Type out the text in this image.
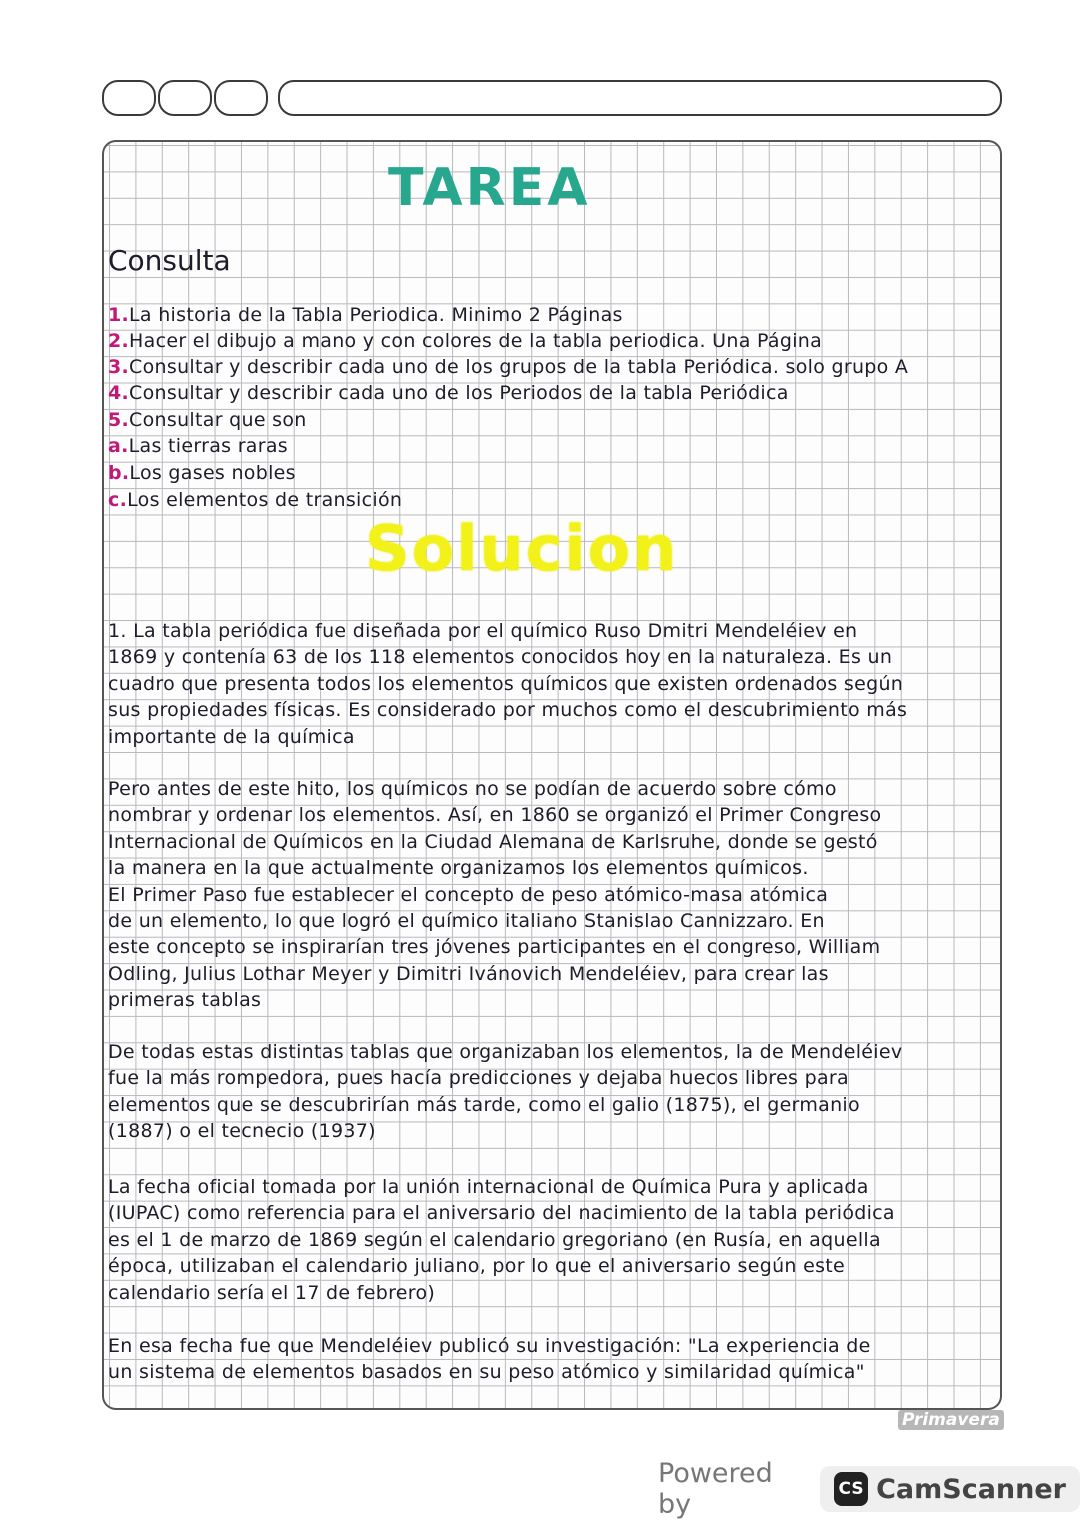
TAREA
Consulta
1.La historia de la Tabla Periodica. Minimo 2 Páginas
2.Hacer el dibujo a mano y con colores de la tabla periodica. Una Página
3.Consultar y describir cada uno de los grupos de la tabla Periódica. solo grupo A
4.Consultar y describir cada uno de los Periodos de la tabla Periódica
5.Consultar que son
a.Las tierras raras
b.Los gases nobles
c.Los elementos de transición
Solucion
1. La tabla periódica fue diseñada por el químico Ruso Dmitri Mendeléiev en
1869 y contenía 63 de los 118 elementos conocidos hoy en la naturaleza. Es un
cuadro que presenta todos los elementos químicos que existen ordenados según
sus propiedades físicas. Es considerado por muchos como el descubrimiento más
importante de la química
Pero antes de este hito, los químicos no se podían de acuerdo sobre cómo
nombrar y ordenar los elementos. Así, en 1860 se organizó el Primer Congreso
Internacional de Químicos en la Ciudad Alemana de Karlsruhe, donde se gestó
la manera en la que actualmente organizamos los elementos químicos.
El Primer Paso fue establecer el concepto de peso atómico-masa atómica
de un elemento, lo que logró el químico italiano Stanislao Cannizzaro. En
este concepto se inspirarían tres jóvenes participantes en el congreso, William
Odling, Julius Lothar Meyer y Dimitri Ivánovich Mendeléiev, para crear las
primeras tablas
De todas estas distintas tablas que organizaban los elementos, la de Mendeléiev
fue la más rompedora, pues hacía predicciones y dejaba huecos libres para
elementos que se descubrirían más tarde, como el galio (1875), el germanio
(1887) o el tecnecio (1937)
La fecha oficial tomada por la unión internacional de Química Pura y aplicada
(IUPAC) como referencia para el aniversario del nacimiento de la tabla periódica
es el 1 de marzo de 1869 según el calendario gregoriano (en Rusía, en aquella
época, utilizaban el calendario juliano, por lo que el aniversario según este
calendario sería el 17 de febrero)
En esa fecha fue que Mendeléiev publicó su investigación: "La experiencia de
un sistema de elementos basados en su peso atómico y similaridad química"
Primavera
Powered by	CS CamScanner
